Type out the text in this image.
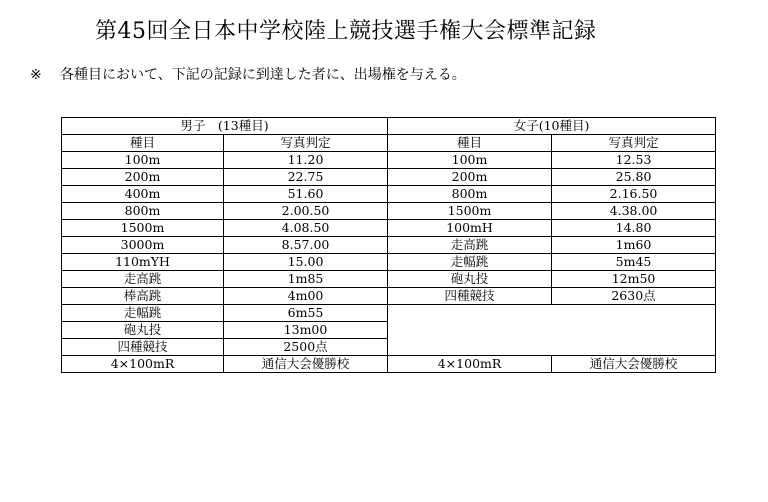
第45回全日本中学校陸上競技選手権大会標準記録
※ 各種目において、下記の記録に到達した者に、出場権を与える。
男子　(13種目)		女子(10種目)	
種目	写真判定	種目	写真判定
100m	11.20	100m	12.53
200m	22.75	200m	25.80
400m	51.60	800m	2.16.50
800m	2.00.50	1500m	4.38.00
1500m	4.08.50	100mH	14.80
3000m	8.57.00	走高跳	1m60
110mYH	15.00	走幅跳	5m45
走高跳	1m85	砲丸投	12m50
棒高跳	4m00	四種競技	2630点
走幅跳	6m55		
砲丸投	13m00		
四種競技	2500点		
4×100mR	通信大会優勝校	4×100mR	通信大会優勝校
